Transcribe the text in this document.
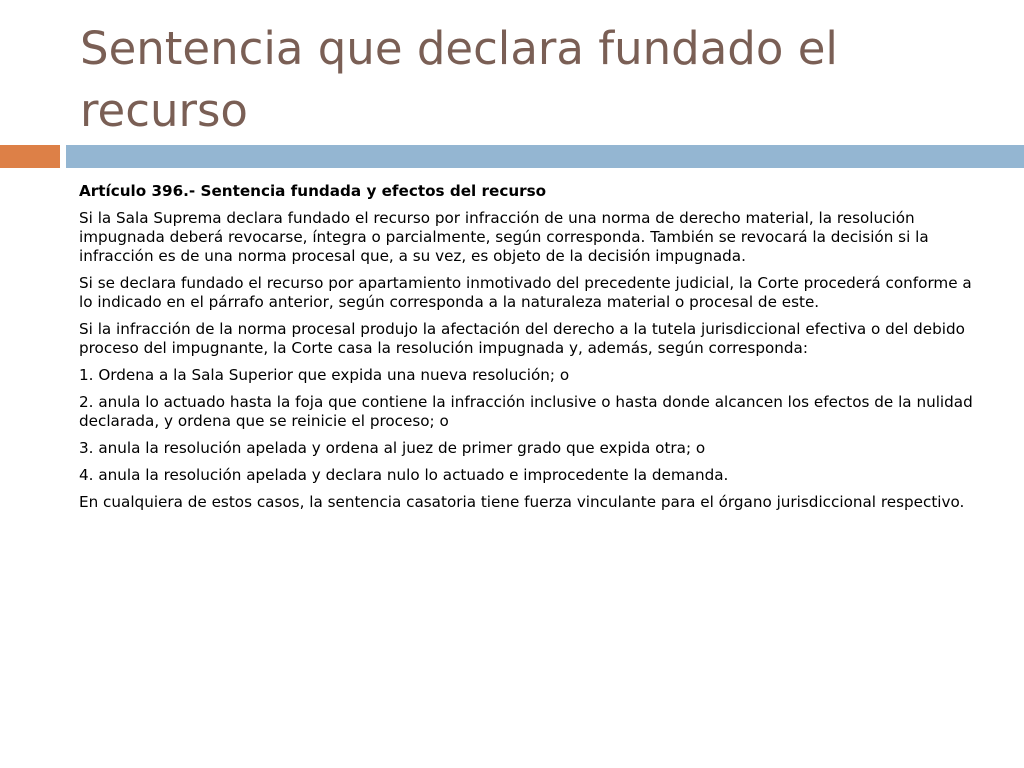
Sentencia que declara fundado el recurso

Artículo 396.- Sentencia fundada y efectos del recurso

Si la Sala Suprema declara fundado el recurso por infracción de una norma de derecho material, la resolución impugnada deberá revocarse, íntegra o parcialmente, según corresponda. También se revocará la decisión si la infracción es de una norma procesal que, a su vez, es objeto de la decisión impugnada.

Si se declara fundado el recurso por apartamiento inmotivado del precedente judicial, la Corte procederá conforme a lo indicado en el párrafo anterior, según corresponda a la naturaleza material o procesal de este.

Si la infracción de la norma procesal produjo la afectación del derecho a la tutela jurisdiccional efectiva o del debido proceso del impugnante, la Corte casa la resolución impugnada y, además, según corresponda:

1. Ordena a la Sala Superior que expida una nueva resolución; o

2. anula lo actuado hasta la foja que contiene la infracción inclusive o hasta donde alcancen los efectos de la nulidad declarada, y ordena que se reinicie el proceso; o

3. anula la resolución apelada y ordena al juez de primer grado que expida otra; o

4. anula la resolución apelada y declara nulo lo actuado e improcedente la demanda.

En cualquiera de estos casos, la sentencia casatoria tiene fuerza vinculante para el órgano jurisdiccional respectivo.
